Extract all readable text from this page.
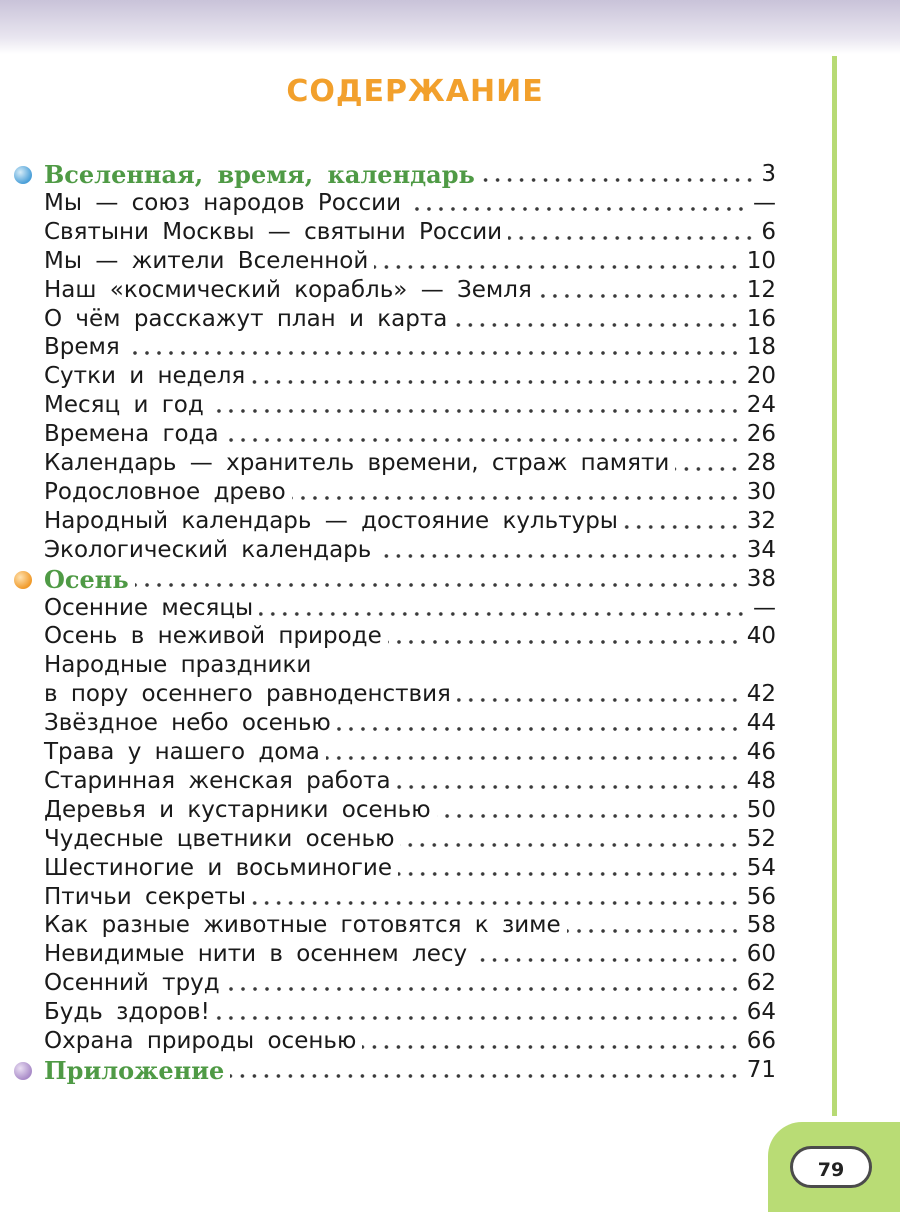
79
СОДЕРЖАНИЕ
Вселенная, время, календарь	3
Мы — союз народов России	—
Святыни Москвы — святыни России	6
Мы — жители Вселенной	10
Наш «космический корабль» — Земля	12
О чём расскажут план и карта	16
Время	18
Сутки и неделя	20
Месяц и год	24
Времена года	26
Календарь — хранитель времени, страж памяти	28
Родословное древо	30
Народный календарь — достояние культуры	32
Экологический календарь	34
Осень	38
Осенние месяцы	—
Осень в неживой природе	40
Народные праздники
в пору осеннего равноденствия	42
Звёздное небо осенью	44
Трава у нашего дома	46
Старинная женская работа	48
Деревья и кустарники осенью	50
Чудесные цветники осенью	52
Шестиногие и восьминогие	54
Птичьи секреты	56
Как разные животные готовятся к зиме	58
Невидимые нити в осеннем лесу	60
Осенний труд	62
Будь здоров!	64
Охрана природы осенью	66
Приложение	71
